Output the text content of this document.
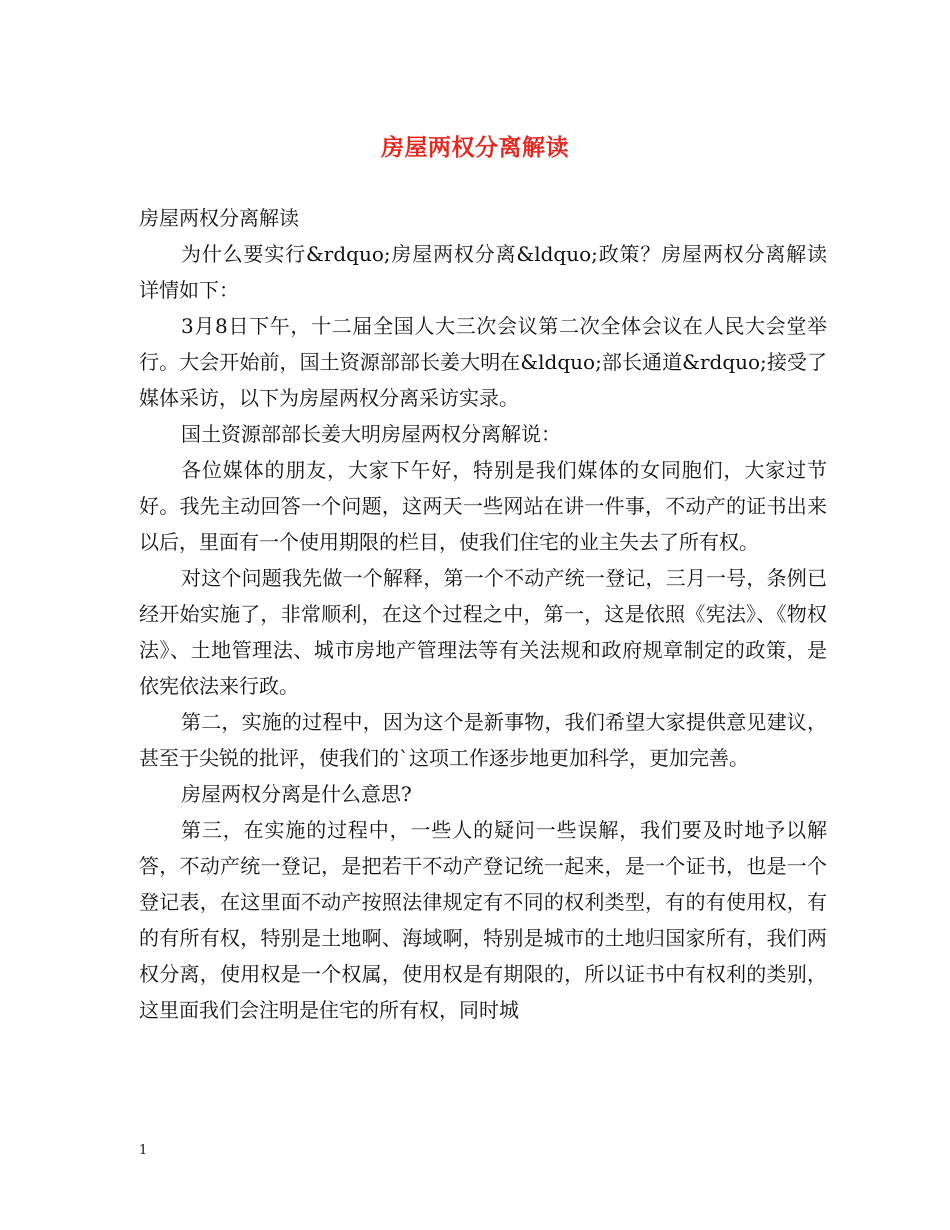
房屋两权分离解读

房屋两权分离解读

为什么要实行&rdquo;房屋两权分离&ldquo;政策？房屋两权分离解读详情如下：

3月8日下午，十二届全国人大三次会议第二次全体会议在人民大会堂举行。大会开始前，国土资源部部长姜大明在&ldquo;部长通道&rdquo;接受了媒体采访，以下为房屋两权分离采访实录。

国土资源部部长姜大明房屋两权分离解说：

各位媒体的朋友，大家下午好，特别是我们媒体的女同胞们，大家过节好。我先主动回答一个问题，这两天一些网站在讲一件事，不动产的证书出来以后，里面有一个使用期限的栏目，使我们住宅的业主失去了所有权。

对这个问题我先做一个解释，第一个不动产统一登记，三月一号，条例已经开始实施了，非常顺利，在这个过程之中，第一，这是依照《宪法》、《物权法》、土地管理法、城市房地产管理法等有关法规和政府规章制定的政策，是依宪依法来行政。

第二，实施的过程中，因为这个是新事物，我们希望大家提供意见建议，甚至于尖锐的批评，使我们的`这项工作逐步地更加科学，更加完善。

房屋两权分离是什么意思?

第三，在实施的过程中，一些人的疑问一些误解，我们要及时地予以解答，不动产统一登记，是把若干不动产登记统一起来，是一个证书，也是一个登记表，在这里面不动产按照法律规定有不同的权利类型，有的有使用权，有的有所有权，特别是土地啊、海域啊，特别是城市的土地归国家所有，我们两权分离，使用权是一个权属，使用权是有期限的，所以证书中有权利的类别，这里面我们会注明是住宅的所有权，同时城

1
